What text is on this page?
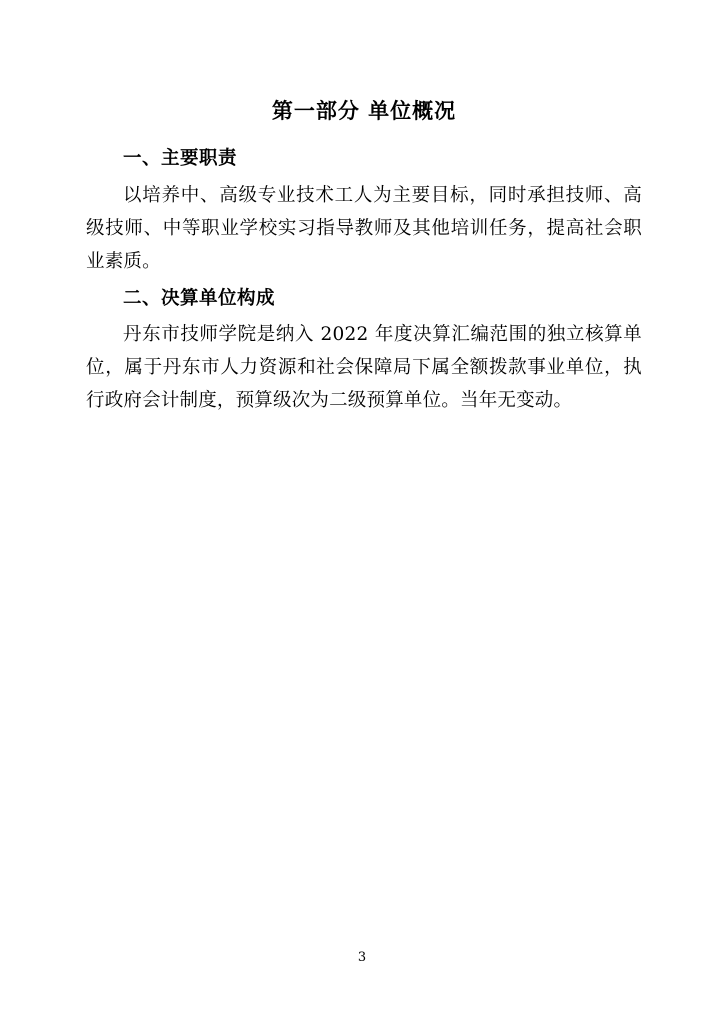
第一部分 单位概况
一、主要职责

以培养中、高级专业技术工人为主要目标，同时承担技师、高级技师、中等职业学校实习指导教师及其他培训任务，提高社会职业素质。

二、决算单位构成

丹东市技师学院是纳入 2022 年度决算汇编范围的独立核算单位，属于丹东市人力资源和社会保障局下属全额拨款事业单位，执行政府会计制度，预算级次为二级预算单位。当年无变动。

3
